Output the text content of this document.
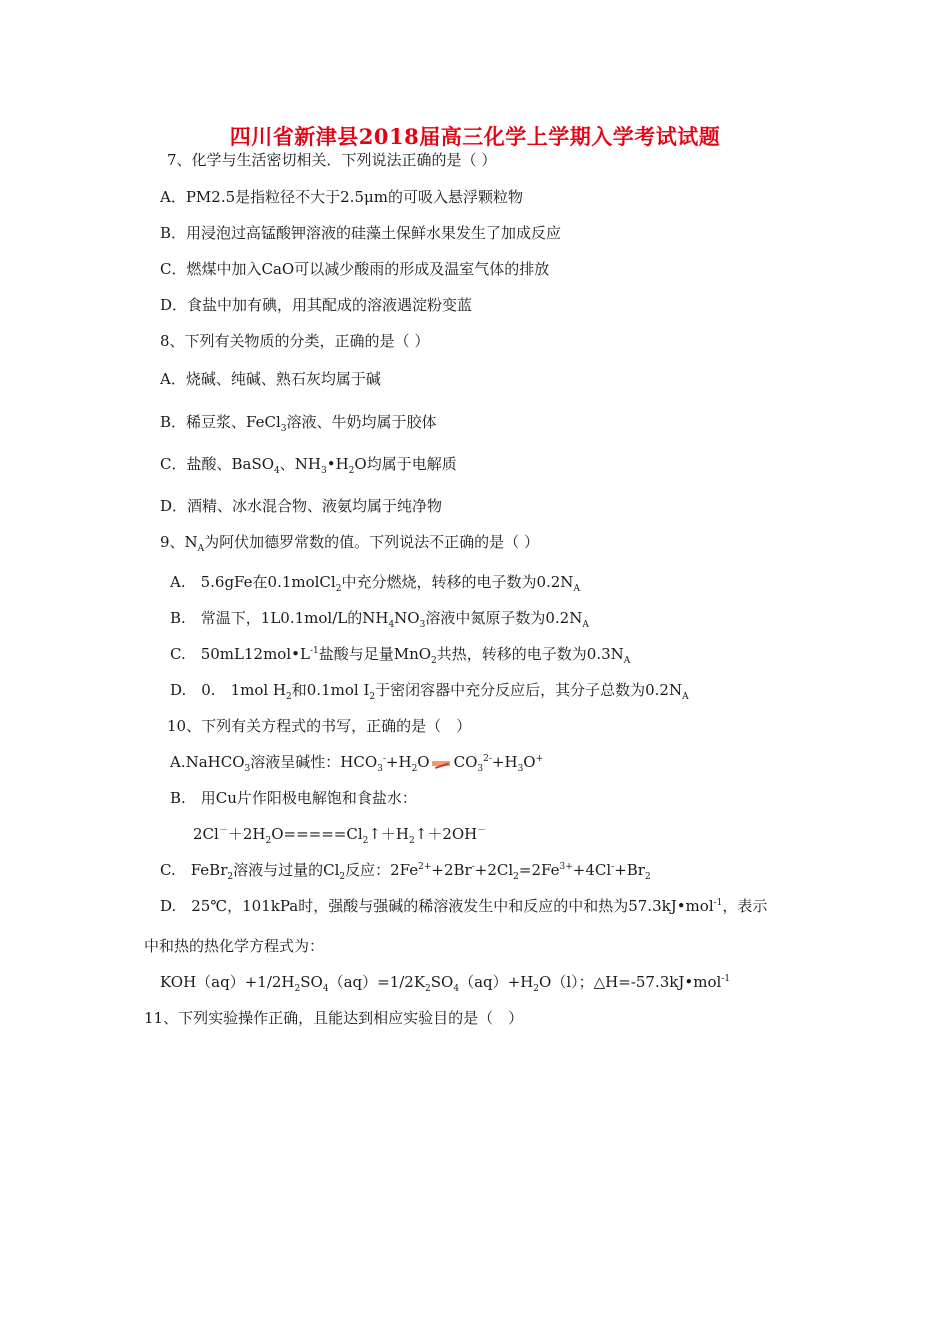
四川省新津县2018届高三化学上学期入学考试试题
7、化学与生活密切相关．下列说法正确的是（ ）
A．PM2.5是指粒径不大于2.5μm的可吸入悬浮颗粒物
B．用浸泡过高锰酸钾溶液的硅藻土保鲜水果发生了加成反应
C．燃煤中加入CaO可以减少酸雨的形成及温室气体的排放
D．食盐中加有碘，用其配成的溶液遇淀粉变蓝
8、下列有关物质的分类，正确的是（ ）
A．烧碱、纯碱、熟石灰均属于碱
B．稀豆浆、FeCl$_3$溶液、牛奶均属于胶体
C．盐酸、BaSO$_4$、$NH_3•H_2O$均属于电解质
D．酒精、冰水混合物、液氨均属于纯净物
9、$N_A$为阿伏加德罗常数的值。下列说法不正确的是（ ）
A.　5.6gFe在0.1molCl$_2$中充分燃烧，转移的电子数为$0.2N_A$
B.　常温下，1L0.1mol/L的$NH_4NO_3$溶液中氮原子数为$0.2N_A$
C.　$50mL12mol•L^{-1}$盐酸与足量MnO$_2$共热，转移的电子数为$0.3N_A$
D.　0.　1mol $H_2$和0.1mol $I_2$于密闭容器中充分反应后，其分子总数为$0.2N_A$
10、下列有关方程式的书写，正确的是（　）
A.NaHCO$_3$溶液呈碱性：$HCO_3^-+H_2O$ $CO_3^{2-}+H_3O^+$
B.　用Cu片作阳极电解饱和食盐水：
$2Cl^-+2H_2O=====Cl_2↑+H_2↑+2OH^-$
C.　FeBr$_2$溶液与过量的$Cl_2$反应：$2Fe^{2+}+2Br^-+2Cl_2=2Fe^{3+}+4Cl^-+Br_2$
D.　25℃，101kPa时，强酸与强碱的稀溶液发生中和反应的中和热为57.3kJ•mol$^{-1}$，表示
中和热的热化学方程式为：
$KOH(aq)+1/2H_2SO_4(aq)=1/2K_2SO_4(aq)+H_2O(l)$；△H=-57.3kJ•mol$^{-1}$
11、下列实验操作正确，且能达到相应实验目的是（　）
